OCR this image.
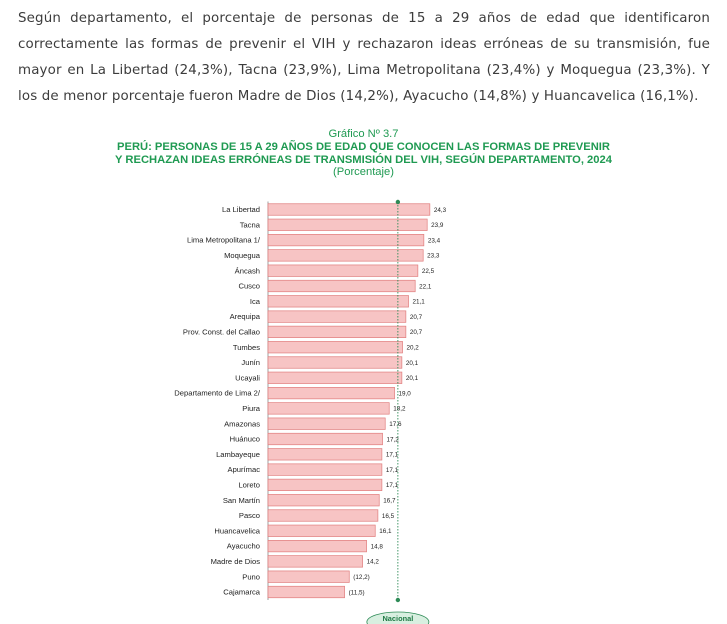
Según departamento, el porcentaje de personas de 15 a 29 años de edad que identificaron correctamente las formas de prevenir el VIH y rechazaron ideas erróneas de su transmisión, fue mayor en La Libertad (24,3%), Tacna (23,9%), Lima Metropolitana (23,4%) y Moquegua (23,3%). Y los de menor porcentaje fueron Madre de Dios (14,2%), Ayacucho (14,8%) y Huancavelica (16,1%).
Gráfico Nº 3.7
PERÚ: PERSONAS DE 15 A 29 AÑOS DE EDAD QUE CONOCEN LAS FORMAS DE PREVENIR
Y RECHAZAN IDEAS ERRÓNEAS DE TRANSMISIÓN DEL VIH, SEGÚN DEPARTAMENTO, 2024
(Porcentaje)
La Libertad	24,3
Tacna	23,9
Lima Metropolitana 1/	23,4
Moquegua	23,3
Áncash	22,5
Cusco	22,1
Ica	21,1
Arequipa	20,7
Prov. Const. del Callao	20,7
Tumbes	20,2
Junín	20,1
Ucayali	20,1
Departamento de Lima 2/	19,0
Piura	18,2
Amazonas	17,6
Huánuco	17,2
Lambayeque	17,1
Apurímac	17,1
Loreto	17,1
San Martín	16,7
Pasco	16,5
Huancavelica	16,1
Ayacucho	14,8
Madre de Dios	14,2
Puno	(12,2)
Cajamarca	(11,5)
Nacional
